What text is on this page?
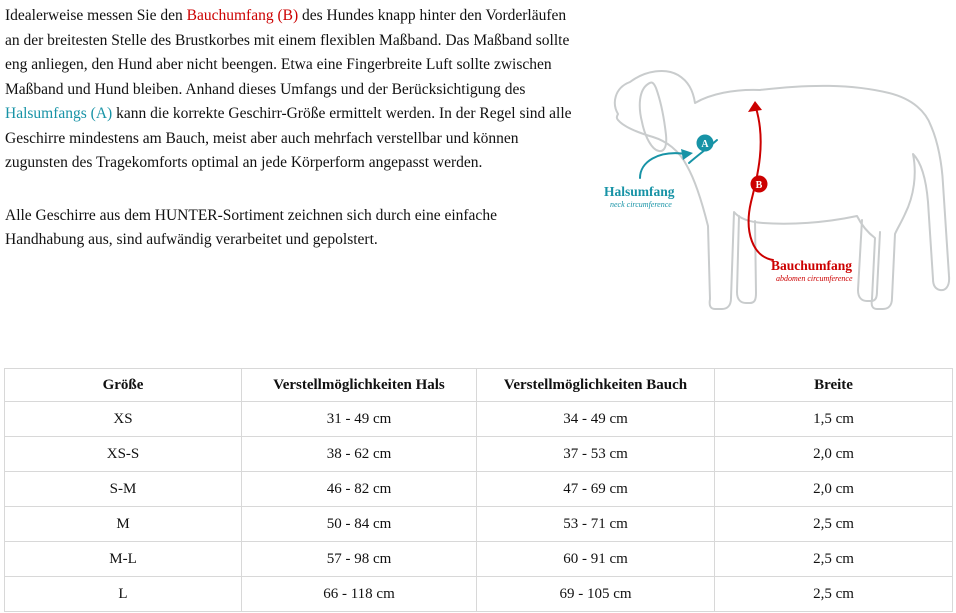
Idealerweise messen Sie den Bauchumfang (B) des Hundes knapp hinter den Vorderläufen an der breitesten Stelle des Brustkorbes mit einem flexiblen Maßband. Das Maßband sollte eng anliegen, den Hund aber nicht beengen. Etwa eine Fingerbreite Luft sollte zwischen Maßband und Hund bleiben. Anhand dieses Umfangs und der Berücksichtigung des Halsumfangs (A) kann die korrekte Geschirr-Größe ermittelt werden. In der Regel sind alle Geschirre mindestens am Bauch, meist aber auch mehrfach verstellbar und können zugunsten des Tragekomforts optimal an jede Körperform angepasst werden.

Alle Geschirre aus dem HUNTER-Sortiment zeichnen sich durch eine einfache Handhabung aus, sind aufwändig verarbeitet und gepolstert.

A
Halsumfang
neck circumference
B
Bauchumfang
abdomen circumference
Größe	Verstellmöglichkeiten Hals	Verstellmöglichkeiten Bauch	Breite
XS	31 - 49 cm	34 - 49 cm	1,5 cm
XS-S	38 - 62 cm	37 - 53 cm	2,0 cm
S-M	46 - 82 cm	47 - 69 cm	2,0 cm
M	50 - 84 cm	53 - 71 cm	2,5 cm
M-L	57 - 98 cm	60 - 91 cm	2,5 cm
L	66 - 118 cm	69 - 105 cm	2,5 cm
